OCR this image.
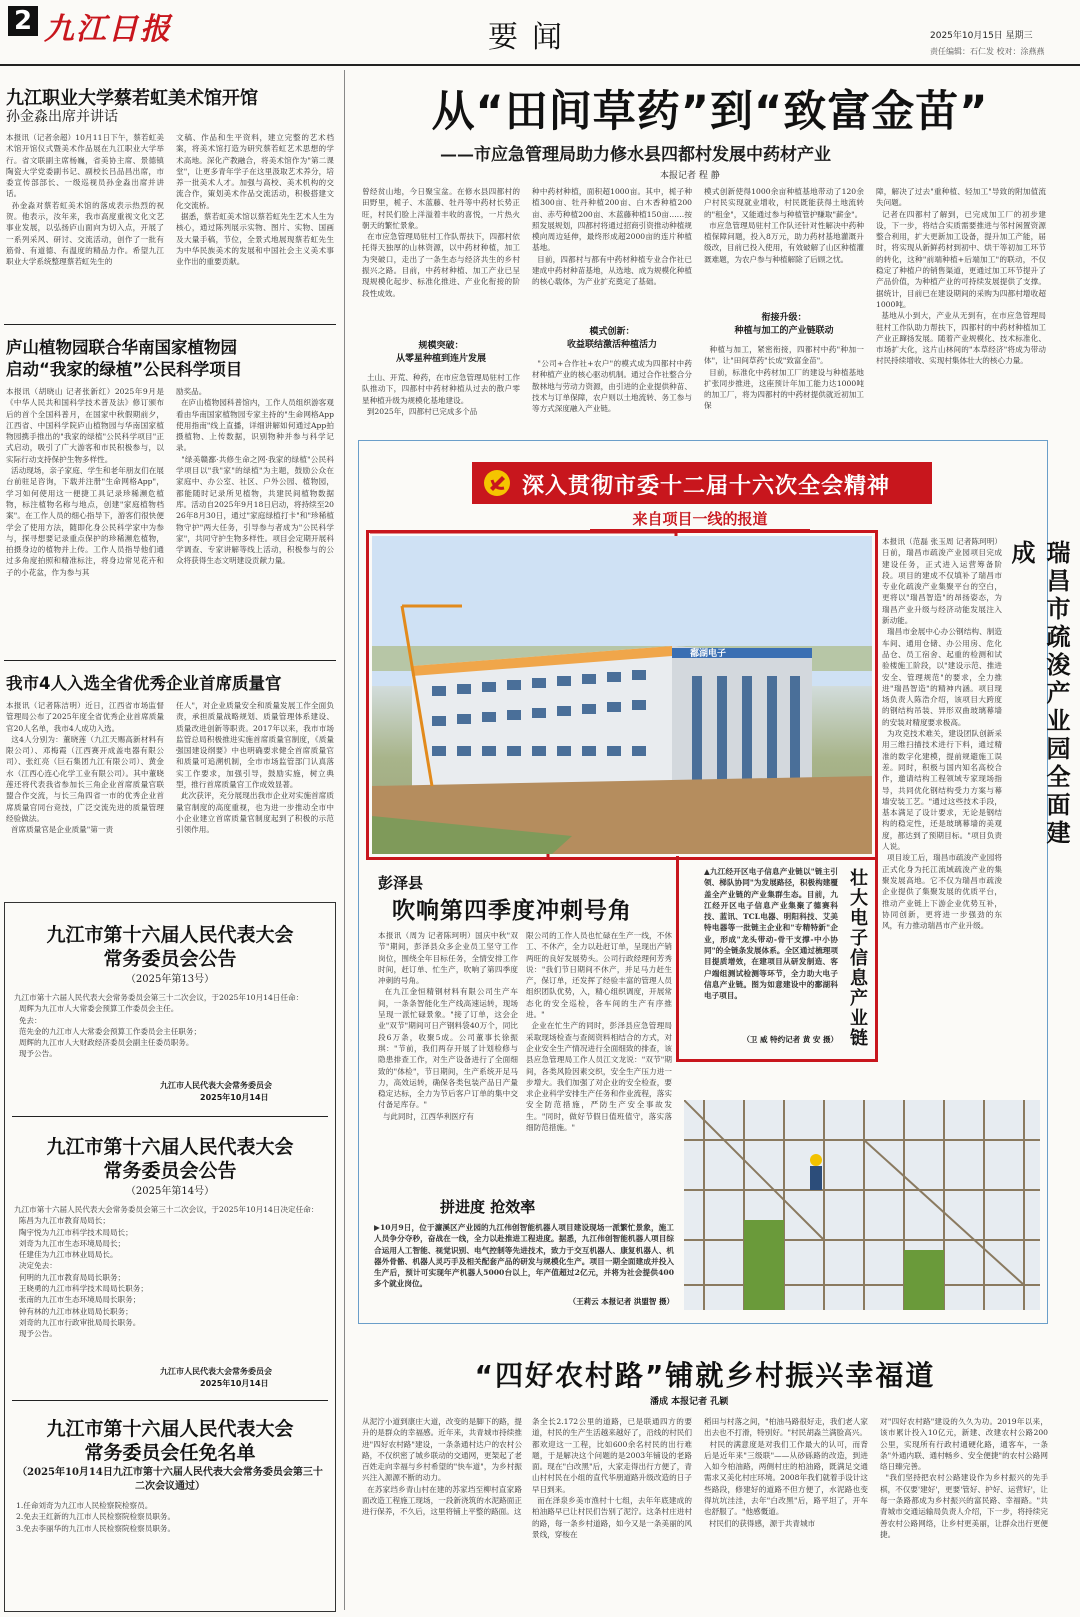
2 九江日报	要闻	2025年10月15日 星期三
责任编辑：石仁发 校对：涂燕燕
九江职业大学蔡若虹美术馆开馆
孙金淼出席并讲话
本报讯（记者余超）10月11日下午，蔡若虹美术馆开馆仪式暨美术作品展在九江职业大学举行。省文联副主席杨巍，省美协主席、景德镇陶瓷大学党委副书记、副校长吕品昌出席，市委宣传部部长、一级巡视员孙金淼出席并讲话。
孙金淼对蔡若虹美术馆的落成表示热烈的祝贺。他表示，汝年来，我市高度重视文化文艺事业发展，以弘扬庐山面向为切入点，开展了一系列采风、研讨、交流活动，创作了一批有筋骨、有道德、有温度的精品力作。希望九江职业大学系统整理蔡若虹先生的
文稿、作品和生平资料，建立完整的艺术档案，将美术馆打造为研究蔡若虹艺术思想的学术高地。深化产教融合，将美术馆作为"第二课堂"，让更多青年学子在这里汲取艺术养分，培养一批美术人才。加强与高校、美术机构的交流合作，策划美术作品交流活动，积极搭建文化交流桥。
据悉，蔡若虹美术馆以蔡若虹先生艺术人生为核心，通过陈列展示实物、图片、实物、国画及大量手稿，节位，全景式地展现蔡若虹先生为中华民族美术的发展和中国社会主义美术事业作出的重要贡献。
庐山植物园联合华南国家植物园
启动“我家的绿植”公民科学项目
本报讯（胡晓山 记者张新红）2025年9月是《中华人民共和国科学技术普及法》修订颁布后的首个全国科普月，在国家中秋假期前夕，江西省、中国科学院庐山植物园与华南国家植物园携手推出的"我家的绿植"公民科学项目"正式启动，吸引了广大游客和市民积极参与，以实际行动支持保护生物多样性。
活动现场，亲子家庭、学生和老年朋友们在展台前驻足咨询，下载并注册"生命网格App"，学习如何使用这一便捷工具记录珍稀濒危植物，标注植物名称与地点，创建"家庭植物档案"。在工作人员的细心指导下，游客们很快便学会了使用方法，随即化身公民科学家中为参与，探寻想要记录重点保护的珍稀濒危植物，拍摄身边的植物并上传。工作人员指导他们通过多角度拍照和精准标注，将身边常见花卉和子的小花盆，作为参与其
励奖品。
在庐山植物园科普馆内，工作人员组织游客观看由华南国家植物园专家主持的"生命网格App使用指南"线上直播，详细讲解如何通过App拍摄植物、上传数据，识别物种并参与科学记录。
"绿美赣鄱·共修生命之网·我家的绿植"公民科学项目以"我"家"的绿植"为主题，鼓励公众在家庭中、办公室、社区、户外公园、植物园，都能随时记录所见植物，共建民间植物数据库。活动自2025年9月18日启动，将持续至2026年8月30日，通过"家庭绿植打卡"和"珍稀植物守护"两大任务，引导参与者成为"公民科学家"，共同守护生物多样性。项目会定期开展科学调查、专家讲解等线上活动，积极参与的公众将获得生态文明建设贡献力量。
我市4人入选全省优秀企业首席质量官
本报讯（记者陈洁明）近日，江西省市场监督管理局公布了2025年度全省优秀企业首席质量官20人名单，我市4人成功入选。
这4人分别为：董晓莲（九江天赐高新材料有限公司）、邓梅霞（江西赛开成盖电器有限公司）、张红亮（巨石集团九江有限公司）、黄金水（江西心连心化学工业有限公司）。其中董晓莲还将代表我省参加长三角企业首席质量官联盟合作交流，与长三角四省一市的优秀企业首席质量官同台竞技，广泛交流先进的质量管理经验做法。
首席质量官是企业质量"第一责
任人"，对企业质量安全和质量发展工作全面负责，承担质量战略规划、质量管理体系建设、质量改进创新等职责。2017年以来，我市市场监管总局积极推进实施首席质量官制度，《质量强国建设纲要》中也明确要求健全首席质量官和质量可追溯机制，全市市场监管部门认真落实工作要求，加强引导，鼓励实施，树立典型，推行首席质量官工作成效显著。
此次获评，充分展现出我市企业对实施首席质量官制度的高度重视，也为进一步推动全市中小企业建立首席质量官制度起到了积极的示范引领作用。
九江市第十六届人民代表大会
常务委员会公告
（2025年第13号）
九江市第十六届人民代表大会常务委员会第三十二次会议，于2025年10月14日任命：
周辉为九江市人大常委会预算工作委员会主任。
免去：
范先金的九江市人大常委会预算工作委员会主任职务；
周辉的九江市人大财政经济委员会副主任委员职务。
现予公告。
九江市人民代表大会常务委员会
2025年10月14日
九江市第十六届人民代表大会
常务委员会公告
（2025年第14号）
九江市第十六届人民代表大会常务委员会第三十二次会议，于2025年10月14日决定任命：
陈昌为九江市教育局局长；
陶宇悦为九江市科学技术局局长；
刘奇为九江市生态环境局局长；
任建佳为九江市林业局局长。
决定免去：
何明的九江市教育局局长职务；
王晓勇的九江市科学技术局局长职务；
张南的九江市生态环境局局长职务；
钟有林的九江市林业局局长职务；
刘奇的九江市行政审批局局长职务。
现予公告。
九江市人民代表大会常务委员会
2025年10月14日
九江市第十六届人民代表大会
常务委员会任免名单
（2025年10月14日九江市第十六届人民代表大会常务委员会第三十二次会议通过）
1.任命刘奇为九江市人民检察院检察员。
2.免去王红新的九江市人民检察院检察员职务。
3.免去李丽华的九江市人民检察院检察员职务。
从“田间草药”到“致富金苗”
——市应急管理局助力修水县四都村发展中药材产业
本报记者 程 静
曾经贫山地，今日聚宝盆。在修水县四都村的田野里，栀子、木蓝藤、牡丹等中药材长势正旺，村民们脸上洋溢着丰收的喜悦，一片热火朝天的繁忙景象。
在市应急管理局驻村工作队帮扶下，四都村依托得天独厚的山林资源，以中药材种植，加工为突破口，走出了一条生态与经济共生的乡村振兴之路。目前，中药材种植、加工产业已呈现规模化起步、标准化推进、产业化衔接的阶段性成效。
规模突破：
从零星种植到连片发展
土山、开荒、种药，在市应急管理局驻村工作队推动下，四都村中药材种植从过去的散户零星种植升级为规模化基地建设。
到2025年，四都村已完成多个品
种中药材种植，面积超1000亩。其中，栀子种植300亩、牡丹种植200亩、白木香种植200亩、赤芍种植200亩、木蓝藤种植150亩……按照发展规划，四都村将通过招商引资推动种植规模向周边延伸，最终形成超2000亩的连片种植基地。
目前，四都村与都有中药材种植专业合作社已建成中药材种苗基地，从选地、成为规模化种植的核心载体，为产业扩充奠定了基础。
模式创新：
收益联结激活种植活力
"公司+合作社+农户"的模式成为四都村中药材种植产业的核心驱动机制。通过合作社整合分散林地与劳动力资源，由引进的企业提供种苗、技术与订单保障，农户则以土地流转、务工参与等方式深度融入产业链。
模式创新使得1000余亩种植基地带动了120余户村民实现就业增收，村民既能获得土地流转的"租金"，又能通过参与种植管护赚取"薪金"。
市应急管理局驻村工作队还针对性解决中药种植保障问题，投入8万元，助力药材基地灌溉升级改，目前已投入使用，有效破解了山区种植灌溉难题，为农户参与种植解除了后顾之忧。
衔接升级：
种植与加工的产业链联动
种植与加工，紧密衔接，四都村中药"种加一体"，让"田间草药"长成"致富金苗"。
目前，标准化中药材加工厂的建设与种植基地扩张同步推进，这座预计年加工能力达1000吨的加工厂，将为四都村的中药材提供就近初加工保
障，解决了过去"重种植、轻加工"导致的附加值流失问题。
记者在四都村了解到，已完成加工厂的初步建设，下一步，将结合实质需要推进与邻村闲置资源整合利用，扩大更新加工设备，提升加工产能，届时，将实现从新鲜药材到初中、烘干等初加工环节的转化，这种"前端种植+后端加工"的联动，不仅稳定了种植户的销售渠道，更通过加工环节提升了产品价值，为种植产业的可持续发展提供了支撑。据统计，目前已在建设期间的采购为四都村增收超1000吨。
基地从小到大，产业从无到有，在市应急管理局驻村工作队助力帮扶下，四都村的中药材种植加工产业正蹿扬发展。随着产业规模化、技术标准化、市场扩大化，这片山林间的"本草经济"将成为带动村民持续增收、实现村集体壮大的核心力量。
深入贯彻市委十二届十六次全会精神
来自项目一线的报道
鄱湖电子	瑞昌市疏浚产业园全面建成
本报讯（范磊 张玉周 记者陈珂明）日前，瑞昌市疏浚产业园项目完成建设任务，正式进入运营筹备阶段。项目的建成不仅填补了瑞昌市专业化疏浚产业集聚平台的空白，更将以"瑞昌智造"的昂扬姿态，为瑞昌产业升级与经济动能发展注入新动能。
瑞昌市金展中心办公钢结构、制造车间、通用仓储、办公用房、危化品仓、员工宿舍、起重的检测和试验楼施工阶段，以"建设示范、推进安全、管理规范"的要求，全力推进"瑞昌智造"的精神内涵。项目现场负责人陈浩介绍，该项目大跨度的钢结构吊装、异形双曲玻璃幕墙的安装对精度要求极高。
为攻克技术难关，建设团队创新采用三维扫描技术进行下料，通过精准的数字化建模，提前规避施工误差。同时，积极与国内知名高校合作，邀请结构工程领域专家现场指导，共同优化钢结构受力方案与幕墙安装工艺。"通过这些技术手段，基本满足了设计要求，无论是钢结构的稳定性，还是玻璃幕墙的美观度，都达到了预期目标。"项目负责人说。
项目竣工后，瑞昌市疏浚产业园将正式化身为托江流域疏浚产业的集聚发展高地。它不仅为瑞昌市疏浚企业提供了集聚发展的优质平台，推动产业链上下游企业优势互补，协同创新，更将进一步强劲的东风，有力推动瑞昌市产业升级。
彭泽县
吹响第四季度冲刺号角
本报讯（周为 记者陈珂明）国庆中秋"双节"期间，彭泽县众多企业员工坚守工作岗位，围绕全年目标任务，全情安排工作时间，赶订单、忙生产，吹响了第四季度冲刺的号角。
在九江金恒精钢材料有限公司生产车间，一条条智能化生产线高速运转，现场呈现一派忙碌景象。"接了订单，这会企业"双节"期间可日产钢料袋40万个，同比段6万条，收聚5成。公司董事长徐振琪："节前，我们两存开展了计划检修与隐患排查工作，对生产设备进行了全面细致的"体检"，节日期间，生产系统开足马力，高效运转，确保各类包装产品日产量稳定达标，全力为节后客户订单的集中交付备足库存。"
与此同时，江西华利医疗有
限公司的工作人员也忙碌在生产一线，不休工、不休产，全力以赴赶订单，呈现出产销两旺的良好发展势头。公司行政经理何芳秀说："我们节日期间不休产，并足马力赶生产，保订单，还发挥了经验丰富的管理人员组织团队优势，入，精心组织调度，开展常态化的安全巡检，各车间的生产有序推进。"
企业在忙生产的同时，彭泽县应急管理局采取现场检查与查阅资料相结合的方式，对企业安全生产情况进行全面细致的排查，该县应急管理局工作人员江文龙说："双节"期间，各类风险因素交织，安全生产压力进一步增大。我们加强了对企业的安全检查，要求企业科学安排生产任务和作业流程，落实安全防范措施，严防生产安全事故发生。"同时，做好节假日值班值守，落实落细防范措施。"
▲九江经开区电子信息产业链以"链主引领、梯队协同"为发展路径，积极构建覆盖全产业链的产业集群生态。目前，九江经开区电子信息产业集聚了德赛科技、蓝讯、TCL电器、明阳科技、艾美特电器等一批链主企业和"专精特新"企业，形成"龙头带动-骨干支撑-中小协同"的全链条发展体系。全区通过梳理项目提质增效，在建项目从研发制造、客户端组测试检测等环节，全力助大电子信息产业链。图为如意建设中的鄱湖科电子项目。
（卫 威 特约记者 黄 安 摄） 壮大电子信息产业链
拼进度 抢效率
▶10月9日，位于濂溪区产业园的九江伟创智能机器人项目建设现场一派繁忙景象，施工人员争分夺秒，奋战在一线，全力以赴推进工程进度。据悉，九江伟创智能机器人项目综合运用人工智能、视觉识别、电气控制等先进技术，致力于交互机器人、康复机器人、机器外骨骼、机器人灵巧手及相关配套产品的研发与规模化生产。项目一期全面建成并投入生产后，预计可实现年产机器人5000台以上，年产值超过2亿元，并将为社会提供400多个就业岗位。
（王莉云 本报记者 洪盟智 摄）
“四好农村路”铺就乡村振兴幸福道
潘成 本报记者 孔颖
从泥泞小道到康庄大道，改变的是脚下的路，提升的是群众的幸福感。近年来，共青城市持续推进"四好农村路"建设，一条条通村达户的农村公路，不仅织密了城乡联动的交通网，更架起了老百姓走向幸福与乡村希望的"快车道"，为乡村振兴注入源源不断的动力。
在苏家垱乡青山村在建的苏家垱至柳村直家路面改造工程施工现场，一段新浇筑的水泥路面正进行保养，不久后，这里将铺上平整的路面。这
条全长2.172公里的道路，已是联通四方的要道，村民的生产生活越来越好了，沿线的村民们都欢迎这一工程，比如600余名村民的出行难题，于是解决这个问题的是2003年铺设的老路面。现在"白改黑"后，大家走得出行方便了，青山村村民在小组的直代华朋道路升级改造的日子早日到来。
而在泽泉乡美市渔村十七组，去年年底建成的柏油路早已让村民们告别了泥泞。这条村庄进村的路，每一条乡村道路，如今又是一条美丽的风景线，穿梭在
稻田与村落之间，"柏油马路很好走，我们老人家出去也不打滑，特别好。"村民胡淼兰满脸高兴。
村民的满意度是对我们工作最大的认可，而背后是近年来"三级联"——从砂砾路的改造，到进入如今柏油路，两侧村庄的柏油路，既满足交通需求又美化村庄环境。2008年我们就着手设计这些路段，修建好的道路不但方便了，水泥路也变得坑坑洼洼，去年"白改黑"后，路平坦了，开车也舒服了。"他感慨道。
村民们的获得感，源于共青城市
对"四好农村路"建设的久久为功。2019年以来，该市累计投入10亿元，新建、改建农村公路200公里，实现所有行政村通硬化路，通客车，一条条"外通内联、通村畅乡、安全便捷"的农村公路网络日臻完善。
"我们坚持把农村公路建设作为乡村振兴的先手棋，不仅要'建好'，更要'管好、护好、运营好'，让每一条路都成为乡村振兴的富民路、幸福路。"共青城市交通运输局负责人介绍，下一步，将持续完善农村公路网络，让乡村更美丽，让群众出行更便捷。
